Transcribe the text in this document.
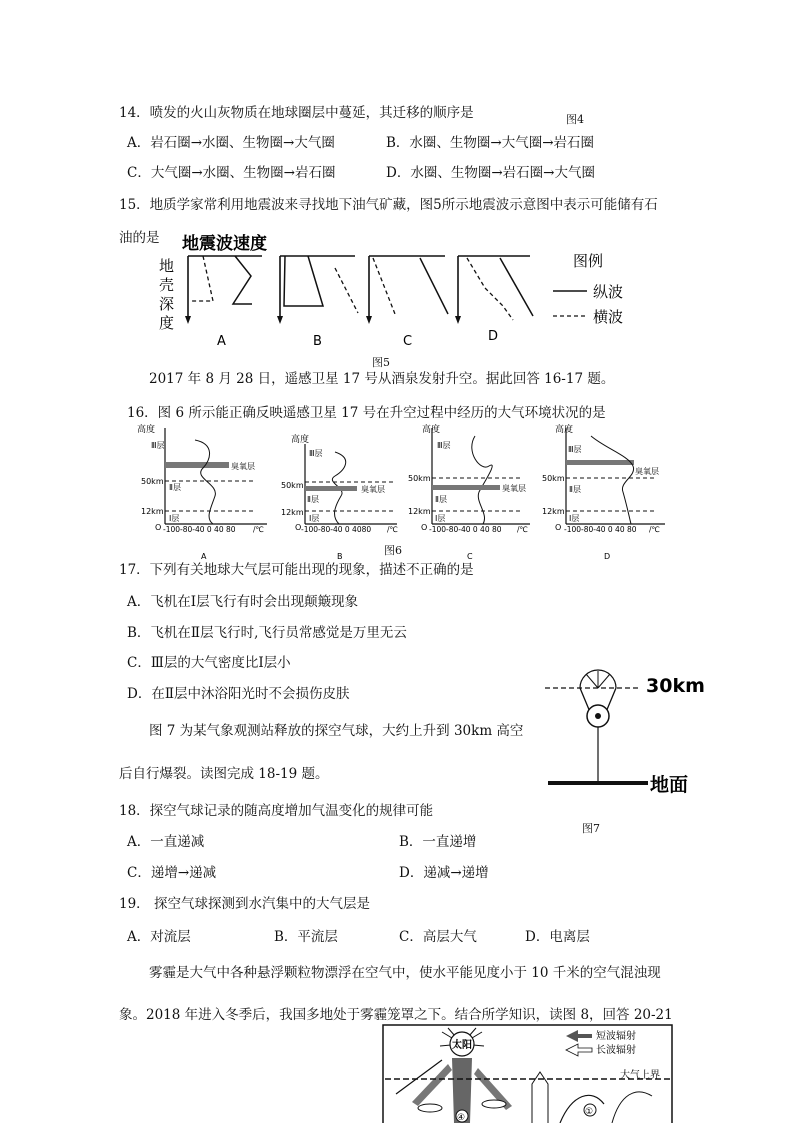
14．喷发的火山灰物质在地球圈层中蔓延，其迁移的顺序是	图4
A．岩石圈→水圈、生物圈→大气圈	B．水圈、生物圈→大气圈→岩石圈
C．大气圈→水圈、生物圈→岩石圈	D．水圈、生物圈→岩石圈→大气圈
15．地质学家常利用地震波来寻找地下油气矿藏，图5所示地震波示意图中表示可能储有石
油的是 地震波速度
地
壳
深
度
A	B	C	D
图例
纵波
横波
图5
2017 年 8 月 28 日，遥感卫星 17 号从酒泉发射升空。据此回答 16-17 题。
16．图 6 所示能正确反映遥感卫星 17 号在升空过程中经历的大气环境状况的是
高度
Ⅲ层
臭氧层
50km
Ⅱ层
12km
Ⅰ层
O -100-80-40 0 40 80 /℃
A
高度
Ⅲ层
50km	臭氧层
Ⅱ层
12km
Ⅰ层
O -100-80-40 0 4080 /℃
B
高度
Ⅲ层
50km
臭氧层
Ⅱ层
12km
Ⅰ层
O -100-80-40 0 40 80 /℃
C
高度
Ⅲ层
臭氧层
50km
Ⅱ层
12km
Ⅰ层
O -100-80-40 0 40 80 /℃
D
图6
17．下列有关地球大气层可能出现的现象，描述不正确的是
A．飞机在Ⅰ层飞行有时会出现颠簸现象
B．飞机在Ⅱ层飞行时,飞行员常感觉是万里无云
C．Ⅲ层的大气密度比Ⅰ层小
D．在Ⅱ层中沐浴阳光时不会损伤皮肤	30km
地面
图 7 为某气象观测站释放的探空气球，大约上升到 30km 高空
后自行爆裂。读图完成 18-19 题。
18．探空气球记录的随高度增加气温变化的规律可能
图7
A．一直递减	B．一直递增
C．递增→递减	D．递减→递增
19． 探空气球探测到水汽集中的大气层是
A．对流层	B．平流层	C．高层大气	D．电离层
雾霾是大气中各种悬浮颗粒物漂浮在空气中，使水平能见度小于 10 千米的空气混浊现
象。2018 年进入冬季后，我国多地处于雾霾笼罩之下。结合所学知识，读图 8，回答 20-21
太阳
④
①
大气上界
短波辐射
长波辐射
